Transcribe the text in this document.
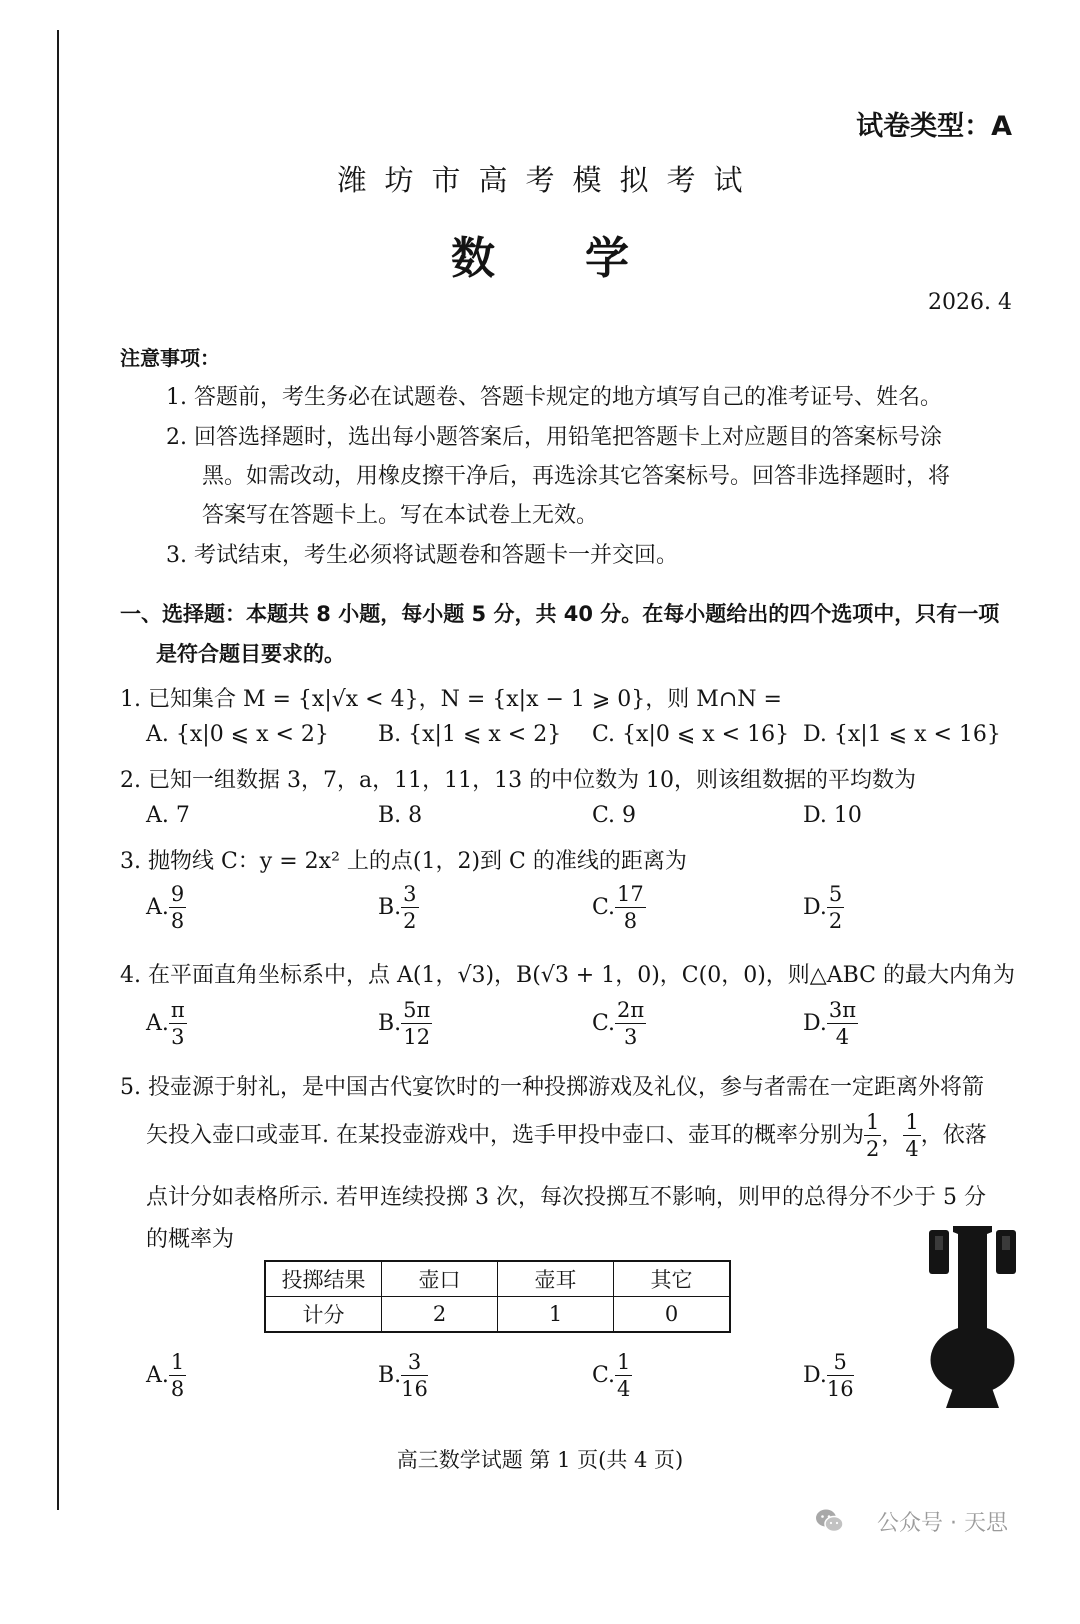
试卷类型：A
潍坊市高考模拟考试
数学
2026. 4
注意事项：
1. 答题前，考生务必在试题卷、答题卡规定的地方填写自己的准考证号、姓名。
2. 回答选择题时，选出每小题答案后，用铅笔把答题卡上对应题目的答案标号涂
黑。如需改动，用橡皮擦干净后，再选涂其它答案标号。回答非选择题时，将
答案写在答题卡上。写在本试卷上无效。
3. 考试结束，考生必须将试题卷和答题卡一并交回。
一、选择题：本题共 8 小题，每小题 5 分，共 40 分。在每小题给出的四个选项中，只有一项
是符合题目要求的。
1. 已知集合 M = {x|√x < 4}，N = {x|x − 1 ⩾ 0}，则 M∩N =
A. {x|0 ⩽ x < 2} B. {x|1 ⩽ x < 2} C. {x|0 ⩽ x < 16} D. {x|1 ⩽ x < 16}
2. 已知一组数据 3，7，a，11，11，13 的中位数为 10，则该组数据的平均数为
A. 7	B. 8	C. 9	D. 10
3. 抛物线 C：y = 2x² 上的点(1，2)到 C 的准线的距离为
A. $\frac{9}{8}$	B. $\frac{3}{2}$	C. $\frac{17}{8}$	D. $\frac{5}{2}$
4. 在平面直角坐标系中，点 A(1，√3)，B(√3 + 1，0)，C(0，0)，则△ABC 的最大内角为
A. $\frac{\pi}{3}$	B. $\frac{5\pi}{12}$	C. $\frac{2\pi}{3}$	D. $\frac{3\pi}{4}$
5. 投壶源于射礼，是中国古代宴饮时的一种投掷游戏及礼仪，参与者需在一定距离外将箭
矢投入壶口或壶耳. 在某投壶游戏中，选手甲投中壶口、壶耳的概率分别为 $\frac{1}{2}$ ， $\frac{1}{4}$ ，依落
点计分如表格所示. 若甲连续投掷 3 次，每次投掷互不影响，则甲的总得分不少于 5 分
的概率为
投掷结果	壶口	壶耳	其它
计分	2	1	0
A. $\frac{1}{8}$	B. $\frac{3}{16}$	C. $\frac{1}{4}$	D. $\frac{5}{16}$
高三数学试题 第 1 页(共 4 页)
公众号 · 天思
